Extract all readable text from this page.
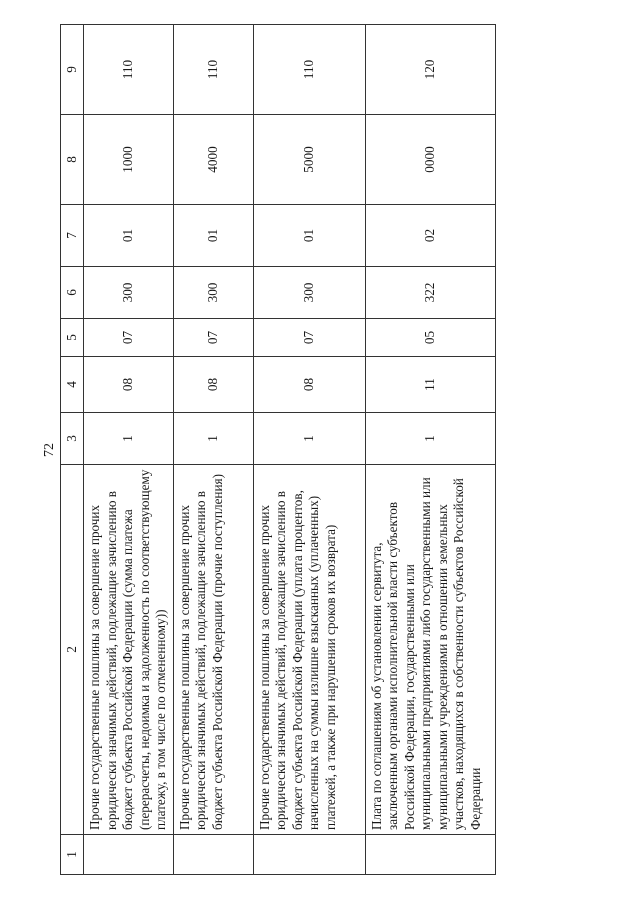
72
1	2	3	4	5	6	7	8	9
	Прочие государственные пошлины за совершение прочих юридически значимых действий, подлежащие зачислению в бюджет субъекта Российской Федерации (сумма платежа (перерасчеты, недоимка и задолженность по соответствующему платежу, в том числе по отмененному))	1	08	07	300	01	1000	110
	Прочие государственные пошлины за совершение прочих юридически значимых действий, подлежащие зачислению в бюджет субъекта Российской Федерации (прочие поступления)	1	08	07	300	01	4000	110
	Прочие государственные пошлины за совершение прочих юридически значимых действий, подлежащие зачислению в бюджет субъекта Российской Федерации (уплата процентов, начисленных на суммы излишне взысканных (уплаченных) платежей, а также при нарушении сроков их возврата)	1	08	07	300	01	5000	110
	Плата по соглашениям об установлении сервитута, заключенным органами исполнительной власти субъектов Российской Федерации, государственными или муниципальными предприятиями либо государственными или муниципальными учреждениями в отношении земельных участков, находящихся в собственности субъектов Российской Федерации	1	11	05	322	02	0000	120
